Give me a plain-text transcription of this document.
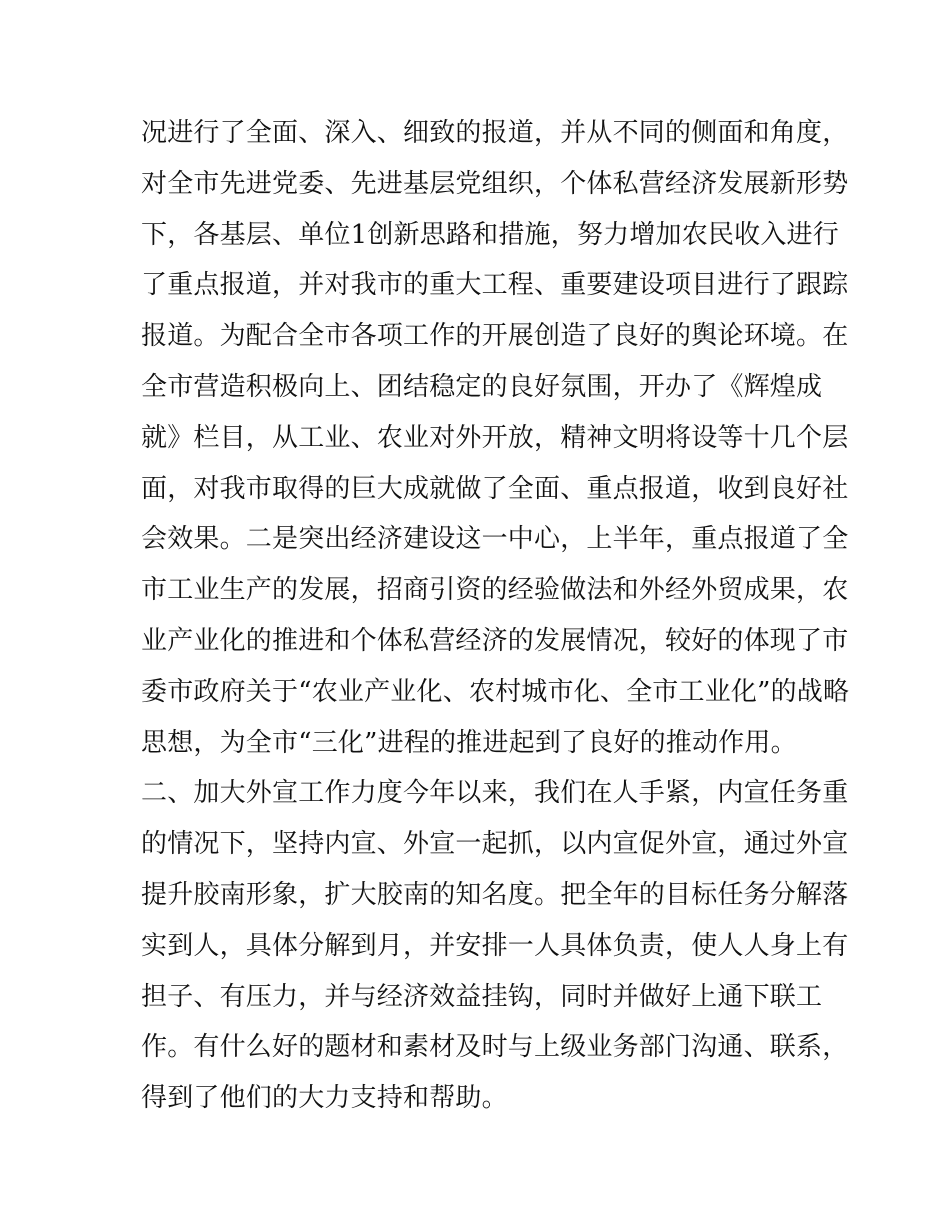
况进行了全面、深入、细致的报道，并从不同的侧面和角度，
对全市先进党委、先进基层党组织，个体私营经济发展新形势
下，各基层、单位1创新思路和措施，努力增加农民收入进行
了重点报道，并对我市的重大工程、重要建设项目进行了跟踪
报道。为配合全市各项工作的开展创造了良好的舆论环境。在
全市营造积极向上、团结稳定的良好氛围，开办了《辉煌成
就》栏目，从工业、农业对外开放，精神文明将设等十几个层
面，对我市取得的巨大成就做了全面、重点报道，收到良好社
会效果。二是突出经济建设这一中心，上半年，重点报道了全
市工业生产的发展，招商引资的经验做法和外经外贸成果，农
业产业化的推进和个体私营经济的发展情况，较好的体现了市
委市政府关于“农业产业化、农村城市化、全市工业化”的战略
思想，为全市“三化”进程的推进起到了良好的推动作用。
二、加大外宣工作力度今年以来，我们在人手紧，内宣任务重
的情况下，坚持内宣、外宣一起抓，以内宣促外宣，通过外宣
提升胶南形象，扩大胶南的知名度。把全年的目标任务分解落
实到人，具体分解到月，并安排一人具体负责，使人人身上有
担子、有压力，并与经济效益挂钩，同时并做好上通下联工
作。有什么好的题材和素材及时与上级业务部门沟通、联系，
得到了他们的大力支持和帮助。
